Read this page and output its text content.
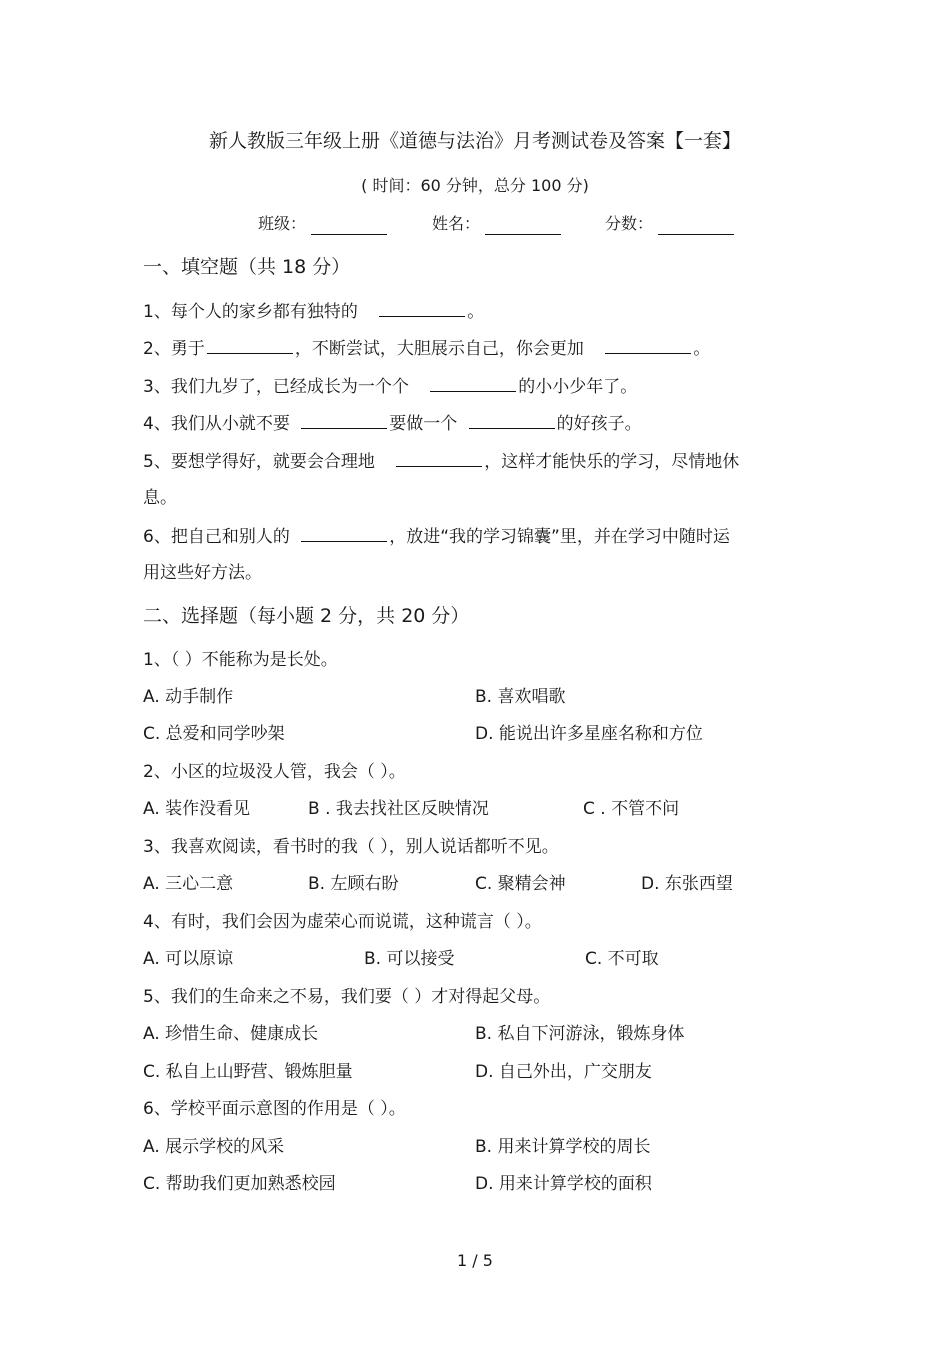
新人教版三年级上册《道德与法治》月考测试卷及答案【一套】
( 时间：60 分钟，总分 100 分)
班级：	姓名：	分数：
一、填空题（共 18 分）
1、每个人的家乡都有独特的	。
2、勇于	，不断尝试，大胆展示自己，你会更加	。
3、我们九岁了，已经成长为一个个	的小小少年了。
4、我们从小就不要	要做一个	的好孩子。
5、要想学得好，就要会合理地	，这样才能快乐的学习，尽情地休
息。
6、把自己和别人的	，放进“我的学习锦囊”里，并在学习中随时运
用这些好方法。
二、选择题（每小题 2 分，共 20 分）
1、（ ）不能称为是长处。
A. 动手制作	B. 喜欢唱歌
C. 总爱和同学吵架	D. 能说出许多星座名称和方位
2、小区的垃圾没人管，我会（ ）。
A. 装作没看见	B . 我去找社区反映情况	C . 不管不问
3、我喜欢阅读，看书时的我（ ），别人说话都听不见。
A. 三心二意	B. 左顾右盼	C. 聚精会神	D. 东张西望
4、有时，我们会因为虚荣心而说谎，这种谎言（ ）。
A. 可以原谅	B. 可以接受	C. 不可取
5、我们的生命来之不易，我们要（ ）才对得起父母。
A. 珍惜生命、健康成长	B. 私自下河游泳，锻炼身体
C. 私自上山野营、锻炼胆量	D. 自己外出，广交朋友
6、学校平面示意图的作用是（ ）。
A. 展示学校的风采	B. 用来计算学校的周长
C. 帮助我们更加熟悉校园	D. 用来计算学校的面积
1 / 5
